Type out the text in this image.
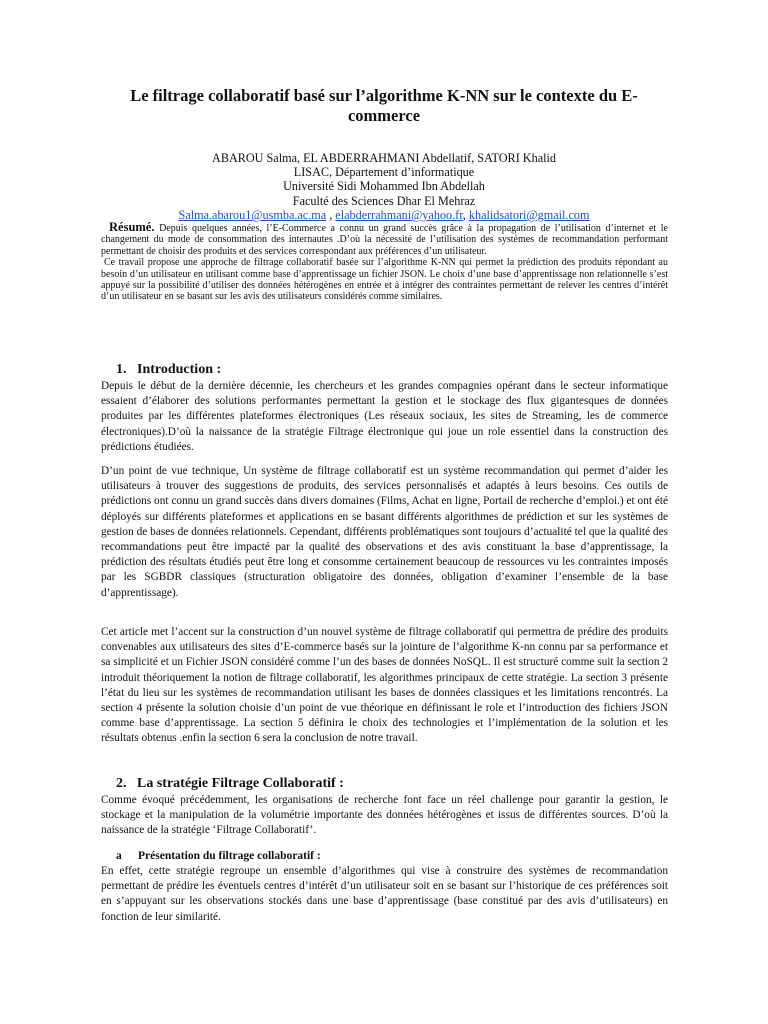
Le filtrage collaboratif basé sur l’algorithme K-NN sur le contexte du E-commerce
ABAROU Salma, EL ABDERRAHMANI Abdellatif, SATORI Khalid
LISAC, Département d’informatique
Université Sidi Mohammed Ibn Abdellah
Faculté des Sciences Dhar El Mehraz
Salma.abarou1@usmba.ac.ma , elabderrahmani@yahoo.fr, khalidsatori@gmail.com

Résumé. Depuis quelques années, l’E-Commerce a connu un grand succès grâce à la propagation de l’utilisation d’internet et le changement du mode de consommation des internautes .D’où la nécessité de l’utilisation des systèmes de recommandation performant permettant de choisir des produits et des services correspondant aux préférences d’un utilisateur.

Ce travail propose une approche de filtrage collaboratif basée sur l’algorithme K-NN qui permet la prédiction des produits répondant au besoin d’un utilisateur en utilisant comme base d’apprentissage un fichier JSON. Le choix d’une base d’apprentissage non relationnelle s’est appuyé sur la possibilité d’utiliser des données hétérogènes en entrée et à intégrer des contraintes permettant de relever les centres d’intérêt d’un utilisateur en se basant sur les avis des utilisateurs considérés comme similaires.

1. Introduction :

Depuis le début de la dernière décennie, les chercheurs et les grandes compagnies opérant dans le secteur informatique essaient d’élaborer des solutions performantes permettant la gestion et le stockage des flux gigantesques de données produites par les différentes plateformes électroniques (Les réseaux sociaux, les sites de Streaming, les de commerce électroniques).D’où la naissance de la stratégie Filtrage électronique qui joue un role essentiel dans la construction des prédictions étudiées.

D’un point de vue technique, Un système de filtrage collaboratif est un système recommandation qui permet d’aider les utilisateurs à trouver des suggestions de produits, des services personnalisés et adaptés à leurs besoins. Ces outils de prédictions ont connu un grand succès dans divers domaines (Films, Achat en ligne, Portail de recherche d’emploi.) et ont été déployés sur différents plateformes et applications en se basant différents algorithmes de prédiction et sur les systèmes de gestion de bases de données relationnels. Cependant, différents problématiques sont toujours d’actualité tel que la qualité des recommandations peut être impacté par la qualité des observations et des avis constituant la base d’apprentissage, la prédiction des résultats étudiés peut être long et consomme certainement beaucoup de ressources vu les contraintes imposés par les SGBDR classiques (structuration obligatoire des données, obligation d’examiner l’ensemble de la base d’apprentissage).

Cet article met l’accent sur la construction d’un nouvel système de filtrage collaboratif qui permettra de prédire des produits convenables aux utilisateurs des sites d’E-commerce basés sur la jointure de l’algorithme K-nn connu par sa performance et sa simplicité et un Fichier JSON considéré comme l’un des bases de données NoSQL. Il est structuré comme suit la section 2 introduit théoriquement la notion de filtrage collaboratif, les algorithmes principaux de cette stratégie. La section 3 présente l’état du lieu sur les systèmes de recommandation utilisant les bases de données classiques et les limitations rencontrés. La section 4 présente la solution choisie d’un point de vue théorique en définissant le role et l’introduction des fichiers JSON comme base d’apprentissage. La section 5 définira le choix des technologies et l’implémentation de la solution et les résultats obtenus .enfin la section 6 sera la conclusion de notre travail.

2. La stratégie Filtrage Collaboratif :

Comme évoqué précédemment, les organisations de recherche font face un réel challenge pour garantir la gestion, le stockage et la manipulation de la volumétrie importante des données hétérogènes et issus de différentes sources. D’où la naissance de la stratégie ‘Filtrage Collaboratif’.

a Présentation du filtrage collaboratif :

En effet, cette stratégie regroupe un ensemble d’algorithmes qui vise à construire des systèmes de recommandation permettant de prédire les éventuels centres d’intérêt d’un utilisateur soit en se basant sur l’historique de ces préférences soit en s’appuyant sur les observations stockés dans une base d’apprentissage (base constitué par des avis d’utilisateurs) en fonction de leur similarité.
